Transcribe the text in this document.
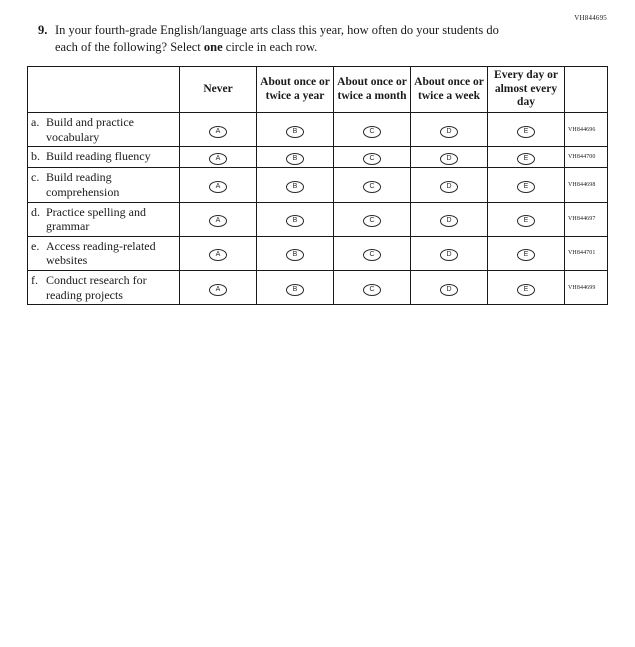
VH844695
9. In your fourth-grade English/language arts class this year, how often do your students do each of the following? Select one circle in each row.
	Never	About once or twice a year	About once or twice a month	About once or twice a week	Every day or almost every day	

a. Build and practice vocabulary	A	B	C	D	E	VH844696

b. Build reading fluency	A	B	C	D	E	VH844700

c. Build reading comprehension	A	B	C	D	E	VH844698

d. Practice spelling and grammar	A	B	C	D	E	VH844697

e. Access reading-related websites	A	B	C	D	E	VH844701

f. Conduct research for reading projects	A	B	C	D	E	VH844699
